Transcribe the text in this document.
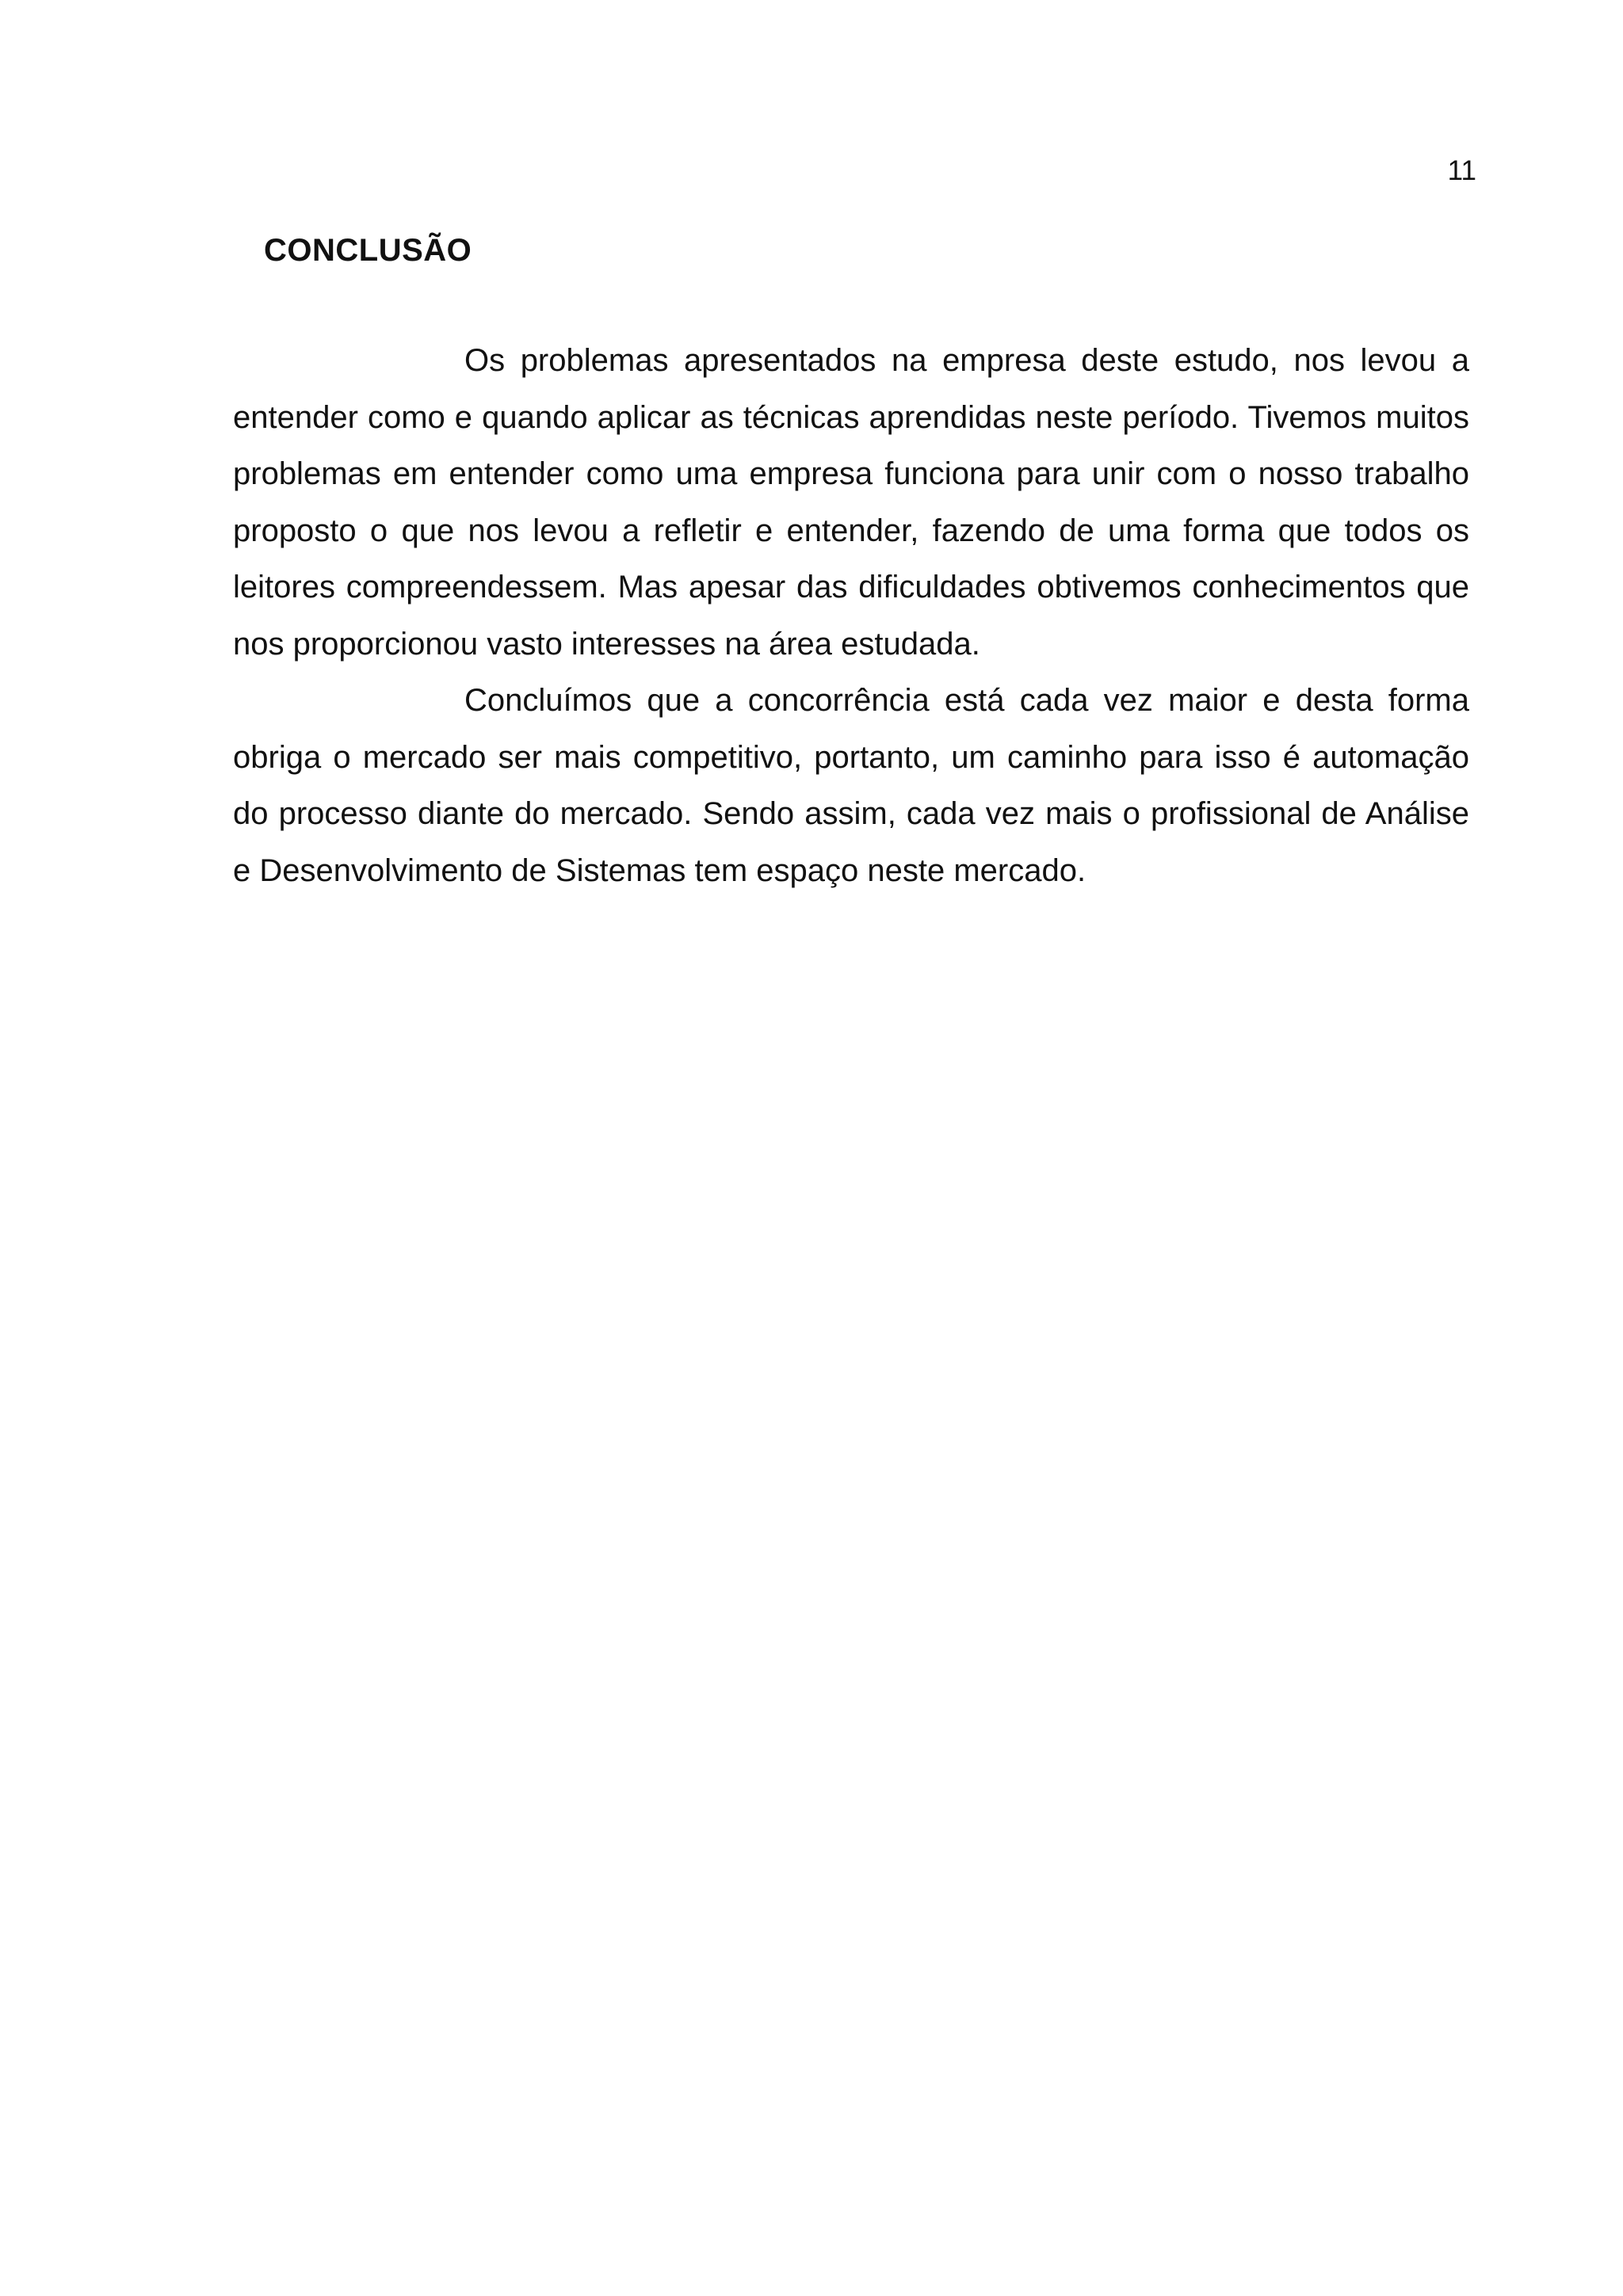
11
CONCLUSÃO

Os problemas apresentados na empresa deste estudo, nos levou a entender como e quando aplicar as técnicas aprendidas neste período. Tivemos muitos problemas em entender como uma empresa funciona para unir com o nosso trabalho proposto o que nos levou a refletir e entender, fazendo de uma forma que todos os leitores compreendessem. Mas apesar das dificuldades obtivemos conhecimentos que nos proporcionou vasto interesses na área estudada.

Concluímos que a concorrência está cada vez maior e desta forma obriga o mercado ser mais competitivo, portanto, um caminho para isso é automação do processo diante do mercado. Sendo assim, cada vez mais o profissional de Análise e Desenvolvimento de Sistemas tem espaço neste mercado.
